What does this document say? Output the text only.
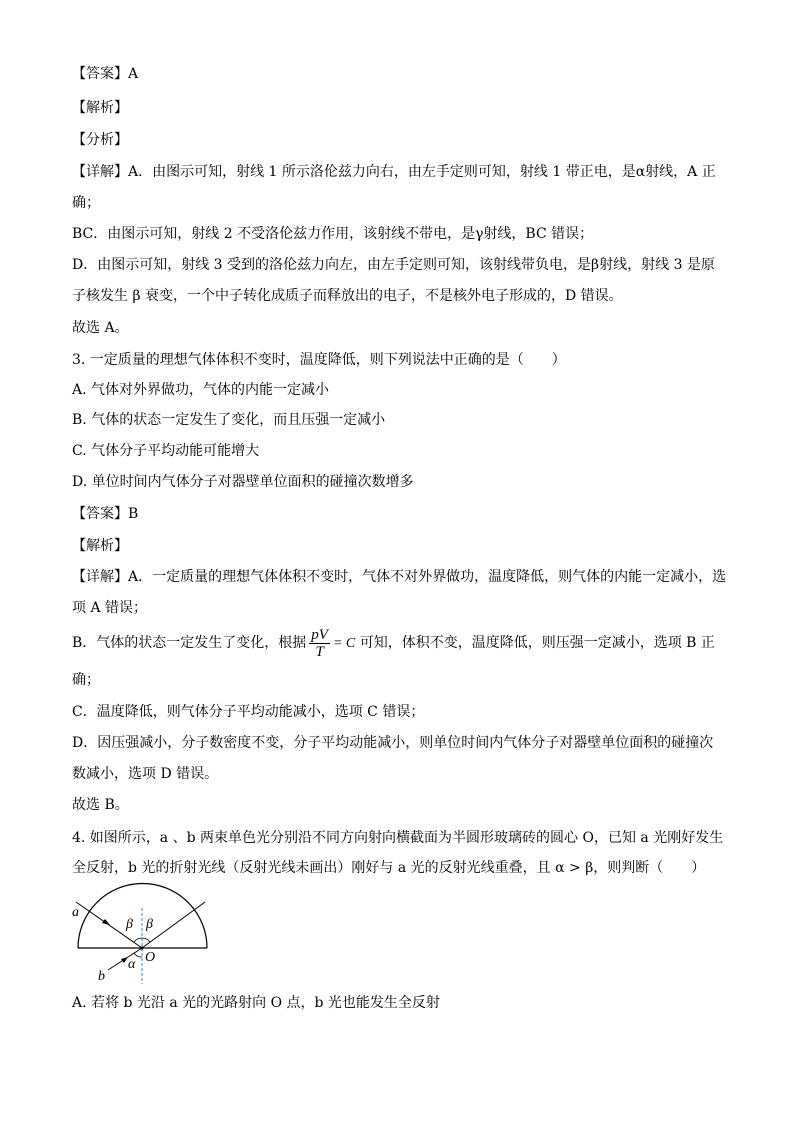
【答案】A
【解析】
【分析】
【详解】A．由图示可知，射线 1 所示洛伦兹力向右，由左手定则可知，射线 1 带正电，是α射线，A 正
确；
BC．由图示可知，射线 2 不受洛伦兹力作用，该射线不带电，是γ射线，BC 错误；
D．由图示可知，射线 3 受到的洛伦兹力向左，由左手定则可知，该射线带负电，是β射线，射线 3 是原
子核发生 β 衰变，一个中子转化成质子而释放出的电子，不是核外电子形成的，D 错误。
故选 A。
3. 一定质量的理想气体体积不变时，温度降低，则下列说法中正确的是（　　）
A. 气体对外界做功，气体的内能一定减小
B. 气体的状态一定发生了变化，而且压强一定减小
C. 气体分子平均动能可能增大
D. 单位时间内气体分子对器壁单位面积的碰撞次数增多
【答案】B
【解析】
【详解】A．一定质量的理想气体体积不变时，气体不对外界做功，温度降低，则气体的内能一定减小，选
项 A 错误；
B．气体的状态一定发生了变化，根据 $\frac{pV}{T} = C$ 可知，体积不变，温度降低，则压强一定减小，选项 B 正
确；
C．温度降低，则气体分子平均动能减小，选项 C 错误；
D．因压强减小，分子数密度不变，分子平均动能减小，则单位时间内气体分子对器壁单位面积的碰撞次
数减小，选项 D 错误。
故选 B。
4. 如图所示，a 、b 两束单色光分别沿不同方向射向横截面为半圆形玻璃砖的圆心 O，已知 a 光刚好发生
全反射，b 光的折射光线（反射光线未画出）刚好与 a 光的反射光线重叠，且 α > β，则判断（　　）
a
β β
α O
b
A. 若将 b 光沿 a 光的光路射向 O 点，b 光也能发生全反射
